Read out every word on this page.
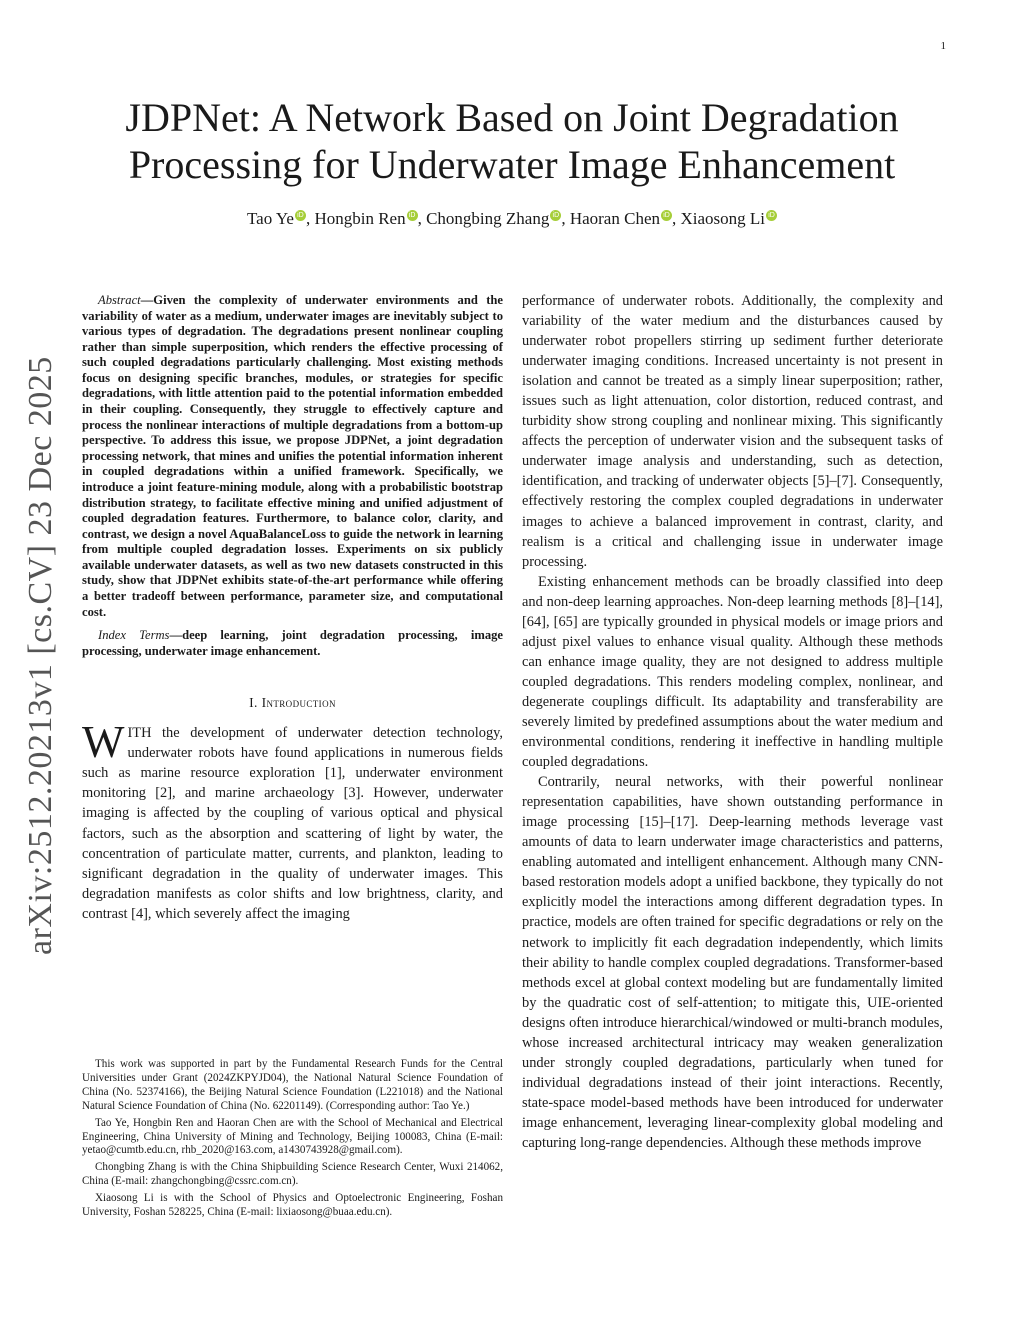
1
arXiv:2512.20213v1 [cs.CV] 23 Dec 2025
JDPNet: A Network Based on Joint Degradation Processing for Underwater Image Enhancement
Tao Ye iD , Hongbin Ren iD , Chongbing Zhang iD , Haoran Chen iD , Xiaosong Li iD

Abstract—Given the complexity of underwater environments and the variability of water as a medium, underwater images are inevitably subject to various types of degradation. The degradations present nonlinear coupling rather than simple superposition, which renders the effective processing of such coupled degradations particularly challenging. Most existing methods focus on designing specific branches, modules, or strategies for specific degradations, with little attention paid to the potential information embedded in their coupling. Consequently, they struggle to effectively capture and process the nonlinear interactions of multiple degradations from a bottom-up perspective. To address this issue, we propose JDPNet, a joint degradation processing network, that mines and unifies the potential information inherent in coupled degradations within a unified framework. Specifically, we introduce a joint feature-mining module, along with a probabilistic bootstrap distribution strategy, to facilitate effective mining and unified adjustment of coupled degradation features. Furthermore, to balance color, clarity, and contrast, we design a novel AquaBalanceLoss to guide the network in learning from multiple coupled degradation losses. Experiments on six publicly available underwater datasets, as well as two new datasets constructed in this study, show that JDPNet exhibits state-of-the-art performance while offering a better tradeoff between performance, parameter size, and computational cost.

Index Terms—deep learning, joint degradation processing, image processing, underwater image enhancement.

I. Introduction

WITH the development of underwater detection technology, underwater robots have found applications in numerous fields such as marine resource exploration [1], underwater environment monitoring [2], and marine archaeology [3]. However, underwater imaging is affected by the coupling of various optical and physical factors, such as the absorption and scattering of light by water, the concentration of particulate matter, currents, and plankton, leading to significant degradation in the quality of underwater images. This degradation manifests as color shifts and low brightness, clarity, and contrast [4], which severely affect the imaging

This work was supported in part by the Fundamental Research Funds for the Central Universities under Grant (2024ZKPYJD04), the National Natural Science Foundation of China (No. 52374166), the Beijing Natural Science Foundation (L221018) and the National Natural Science Foundation of China (No. 62201149). (Corresponding author: Tao Ye.)

Tao Ye, Hongbin Ren and Haoran Chen are with the School of Mechanical and Electrical Engineering, China University of Mining and Technology, Beijing 100083, China (E-mail: yetao@cumtb.edu.cn, rhb_2020@163.com, a1430743928@gmail.com).

Chongbing Zhang is with the China Shipbuilding Science Research Center, Wuxi 214062, China (E-mail: zhangchongbing@cssrc.com.cn).

Xiaosong Li is with the School of Physics and Optoelectronic Engineering, Foshan University, Foshan 528225, China (E-mail: lixiaosong@buaa.edu.cn).

performance of underwater robots. Additionally, the complexity and variability of the water medium and the disturbances caused by underwater robot propellers stirring up sediment further deteriorate underwater imaging conditions. Increased uncertainty is not present in isolation and cannot be treated as a simply linear superposition; rather, issues such as light attenuation, color distortion, reduced contrast, and turbidity show strong coupling and nonlinear mixing. This significantly affects the perception of underwater vision and the subsequent tasks of underwater image analysis and understanding, such as detection, identification, and tracking of underwater objects [5]–[7]. Consequently, effectively restoring the complex coupled degradations in underwater images to achieve a balanced improvement in contrast, clarity, and realism is a critical and challenging issue in underwater image processing.

Existing enhancement methods can be broadly classified into deep and non-deep learning approaches. Non-deep learning methods [8]–[14], [64], [65] are typically grounded in physical models or image priors and adjust pixel values to enhance visual quality. Although these methods can enhance image quality, they are not designed to address multiple coupled degradations. This renders modeling complex, nonlinear, and degenerate couplings difficult. Its adaptability and transferability are severely limited by predefined assumptions about the water medium and environmental conditions, rendering it ineffective in handling multiple coupled degradations.

Contrarily, neural networks, with their powerful nonlinear representation capabilities, have shown outstanding performance in image processing [15]–[17]. Deep-learning methods leverage vast amounts of data to learn underwater image characteristics and patterns, enabling automated and intelligent enhancement. Although many CNN-based restoration models adopt a unified backbone, they typically do not explicitly model the interactions among different degradation types. In practice, models are often trained for specific degradations or rely on the network to implicitly fit each degradation independently, which limits their ability to handle complex coupled degradations. Transformer-based methods excel at global context modeling but are fundamentally limited by the quadratic cost of self-attention; to mitigate this, UIE-oriented designs often introduce hierarchical/windowed or multi-branch modules, whose increased architectural intricacy may weaken generalization under strongly coupled degradations, particularly when tuned for individual degradations instead of their joint interactions. Recently, state-space model-based methods have been introduced for underwater image enhancement, leveraging linear-complexity global modeling and capturing long-range dependencies. Although these methods improve
